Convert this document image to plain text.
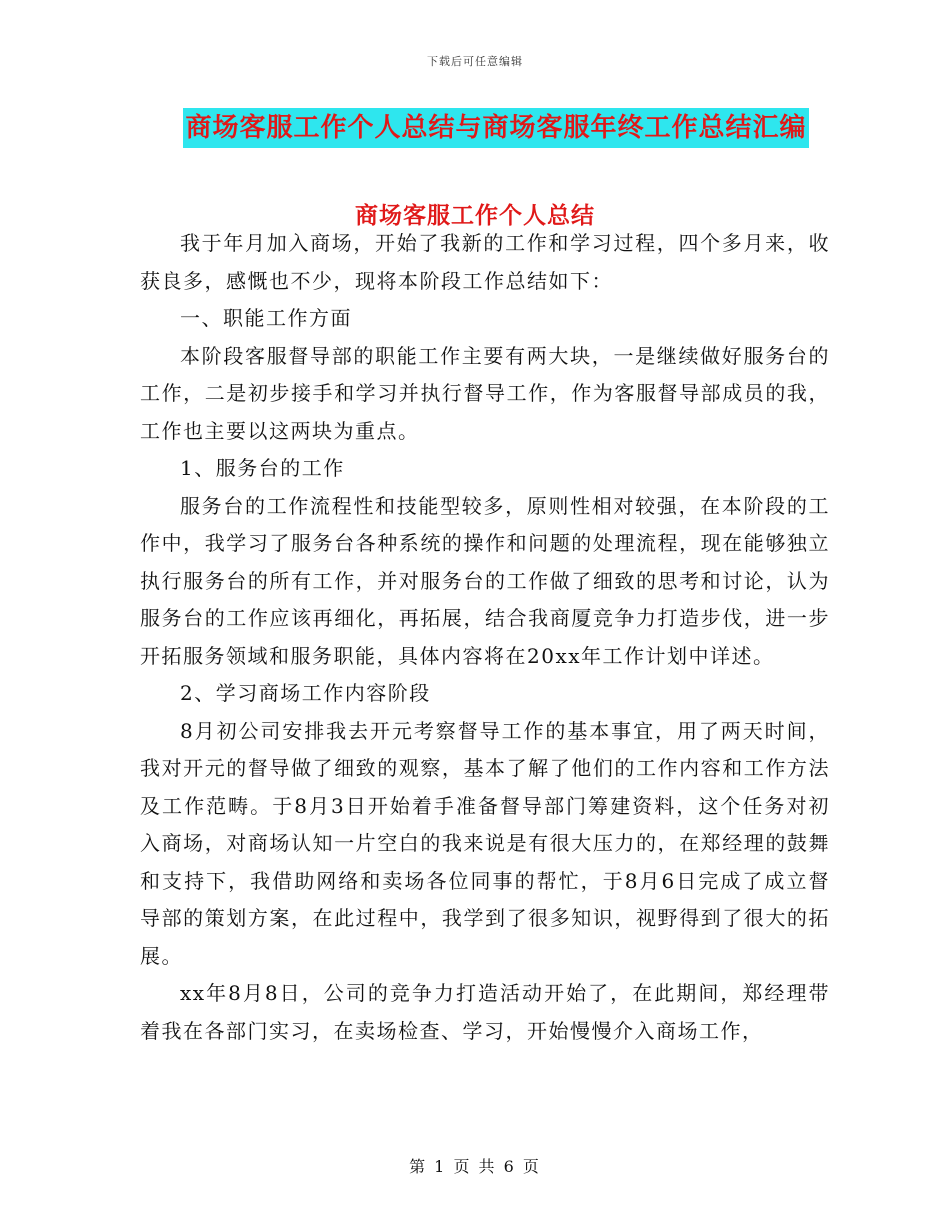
下载后可任意编辑
商场客服工作个人总结与商场客服年终工作总结汇编
商场客服工作个人总结

我于年月加入商场，开始了我新的工作和学习过程，四个多月来，收获良多，感慨也不少，现将本阶段工作总结如下：

一、职能工作方面

本阶段客服督导部的职能工作主要有两大块，一是继续做好服务台的工作，二是初步接手和学习并执行督导工作，作为客服督导部成员的我，工作也主要以这两块为重点。

1、服务台的工作

服务台的工作流程性和技能型较多，原则性相对较强，在本阶段的工作中，我学习了服务台各种系统的操作和问题的处理流程，现在能够独立执行服务台的所有工作，并对服务台的工作做了细致的思考和讨论，认为服务台的工作应该再细化，再拓展，结合我商厦竞争力打造步伐，进一步开拓服务领域和服务职能，具体内容将在20xx年工作计划中详述。

2、学习商场工作内容阶段

8月初公司安排我去开元考察督导工作的基本事宜，用了两天时间，我对开元的督导做了细致的观察，基本了解了他们的工作内容和工作方法及工作范畴。于8月3日开始着手准备督导部门筹建资料，这个任务对初入商场，对商场认知一片空白的我来说是有很大压力的，在郑经理的鼓舞和支持下，我借助网络和卖场各位同事的帮忙，于8月6日完成了成立督导部的策划方案，在此过程中，我学到了很多知识，视野得到了很大的拓展。

xx年8月8日，公司的竞争力打造活动开始了，在此期间，郑经理带着我在各部门实习，在卖场检查、学习，开始慢慢介入商场工作，

第 1 页 共 6 页
